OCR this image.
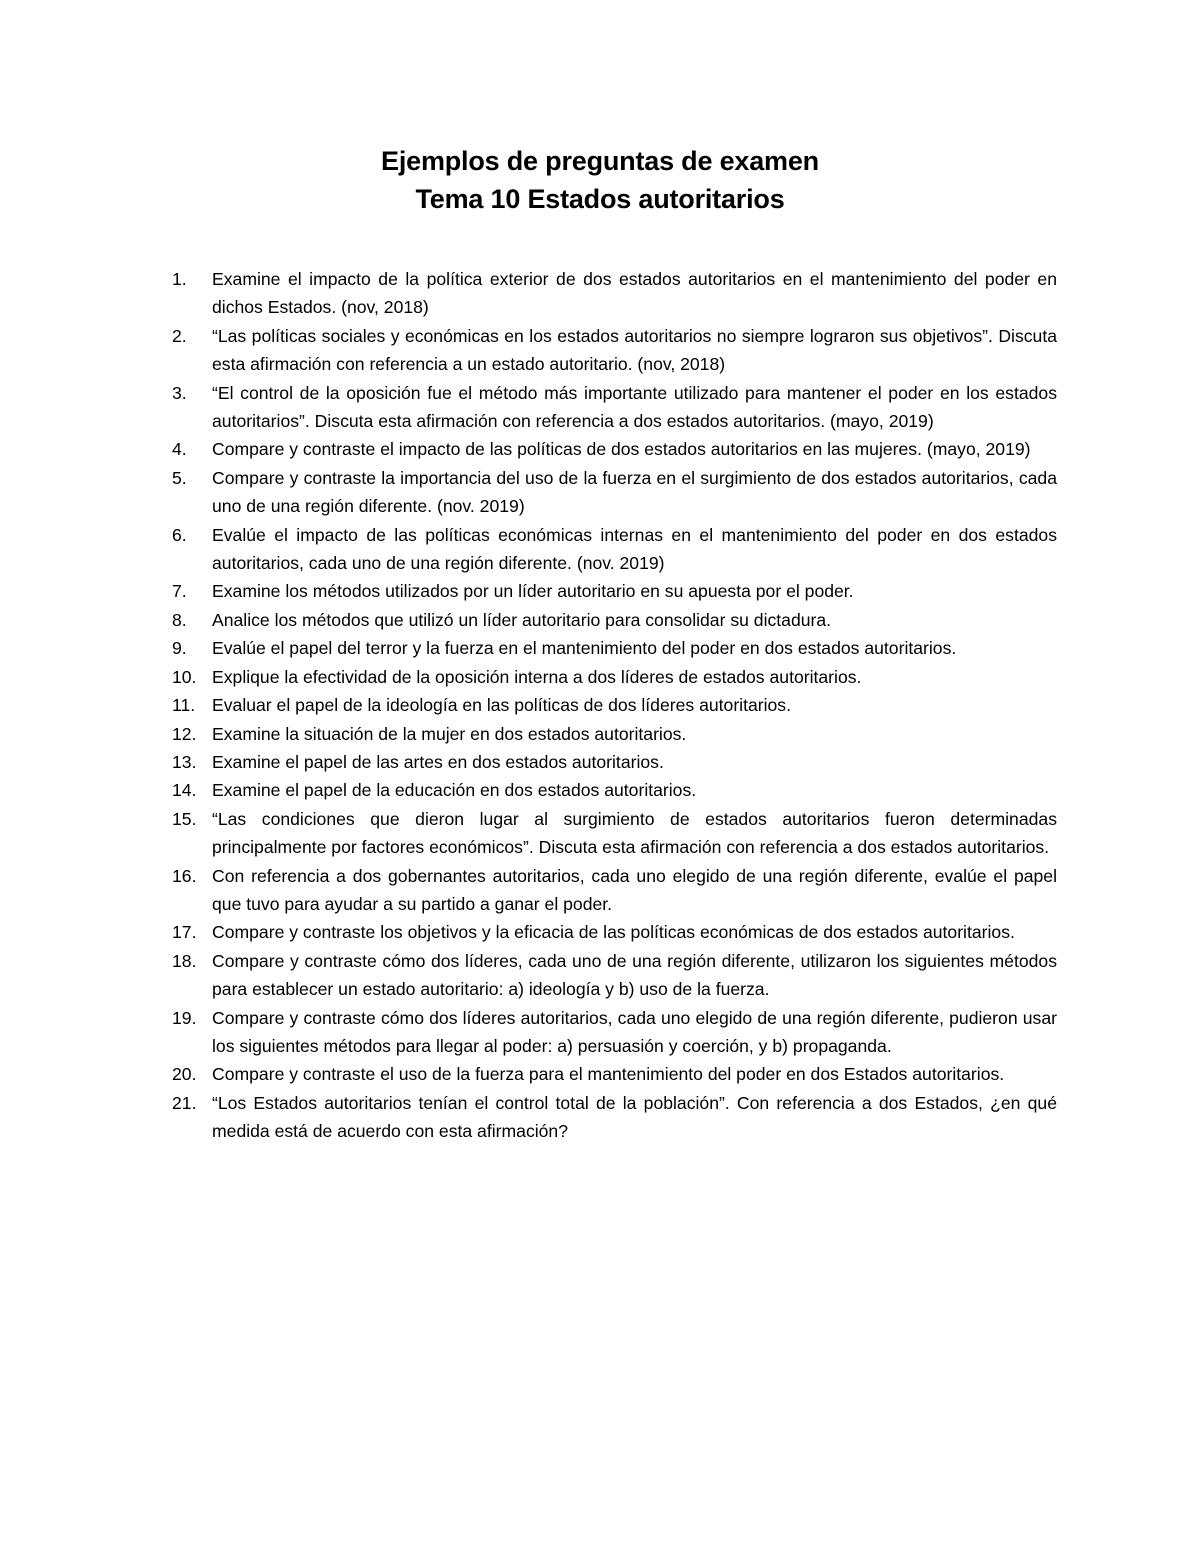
Ejemplos de preguntas de examen

Tema 10 Estados autoritarios

1.	Examine el impacto de la política exterior de dos estados autoritarios en el mantenimiento del poder en dichos Estados. (nov, 2018)
2.	“Las políticas sociales y económicas en los estados autoritarios no siempre lograron sus objetivos”. Discuta esta afirmación con referencia a un estado autoritario. (nov, 2018)
3.	“El control de la oposición fue el método más importante utilizado para mantener el poder en los estados autoritarios”. Discuta esta afirmación con referencia a dos estados autoritarios. (mayo, 2019)
4.	Compare y contraste el impacto de las políticas de dos estados autoritarios en las mujeres. (mayo, 2019)
5.	Compare y contraste la importancia del uso de la fuerza en el surgimiento de dos estados autoritarios, cada uno de una región diferente. (nov. 2019)
6.	Evalúe el impacto de las políticas económicas internas en el mantenimiento del poder en dos estados autoritarios, cada uno de una región diferente. (nov. 2019)
7.	Examine los métodos utilizados por un líder autoritario en su apuesta por el poder.
8.	Analice los métodos que utilizó un líder autoritario para consolidar su dictadura.
9.	Evalúe el papel del terror y la fuerza en el mantenimiento del poder en dos estados autoritarios.
10. Explique la efectividad de la oposición interna a dos líderes de estados autoritarios.
11. Evaluar el papel de la ideología en las políticas de dos líderes autoritarios.
12. Examine la situación de la mujer en dos estados autoritarios.
13. Examine el papel de las artes en dos estados autoritarios.
14. Examine el papel de la educación en dos estados autoritarios.
15. “Las condiciones que dieron lugar al surgimiento de estados autoritarios fueron determinadas principalmente por factores económicos”. Discuta esta afirmación con referencia a dos estados autoritarios.
16. Con referencia a dos gobernantes autoritarios, cada uno elegido de una región diferente, evalúe el papel que tuvo para ayudar a su partido a ganar el poder.
17. Compare y contraste los objetivos y la eficacia de las políticas económicas de dos estados autoritarios.
18. Compare y contraste cómo dos líderes, cada uno de una región diferente, utilizaron los siguientes métodos para establecer un estado autoritario: a) ideología y b) uso de la fuerza.
19. Compare y contraste cómo dos líderes autoritarios, cada uno elegido de una región diferente, pudieron usar los siguientes métodos para llegar al poder: a) persuasión y coerción, y b) propaganda.
20. Compare y contraste el uso de la fuerza para el mantenimiento del poder en dos Estados autoritarios.
21. “Los Estados autoritarios tenían el control total de la población”. Con referencia a dos Estados, ¿en qué medida está de acuerdo con esta afirmación?
